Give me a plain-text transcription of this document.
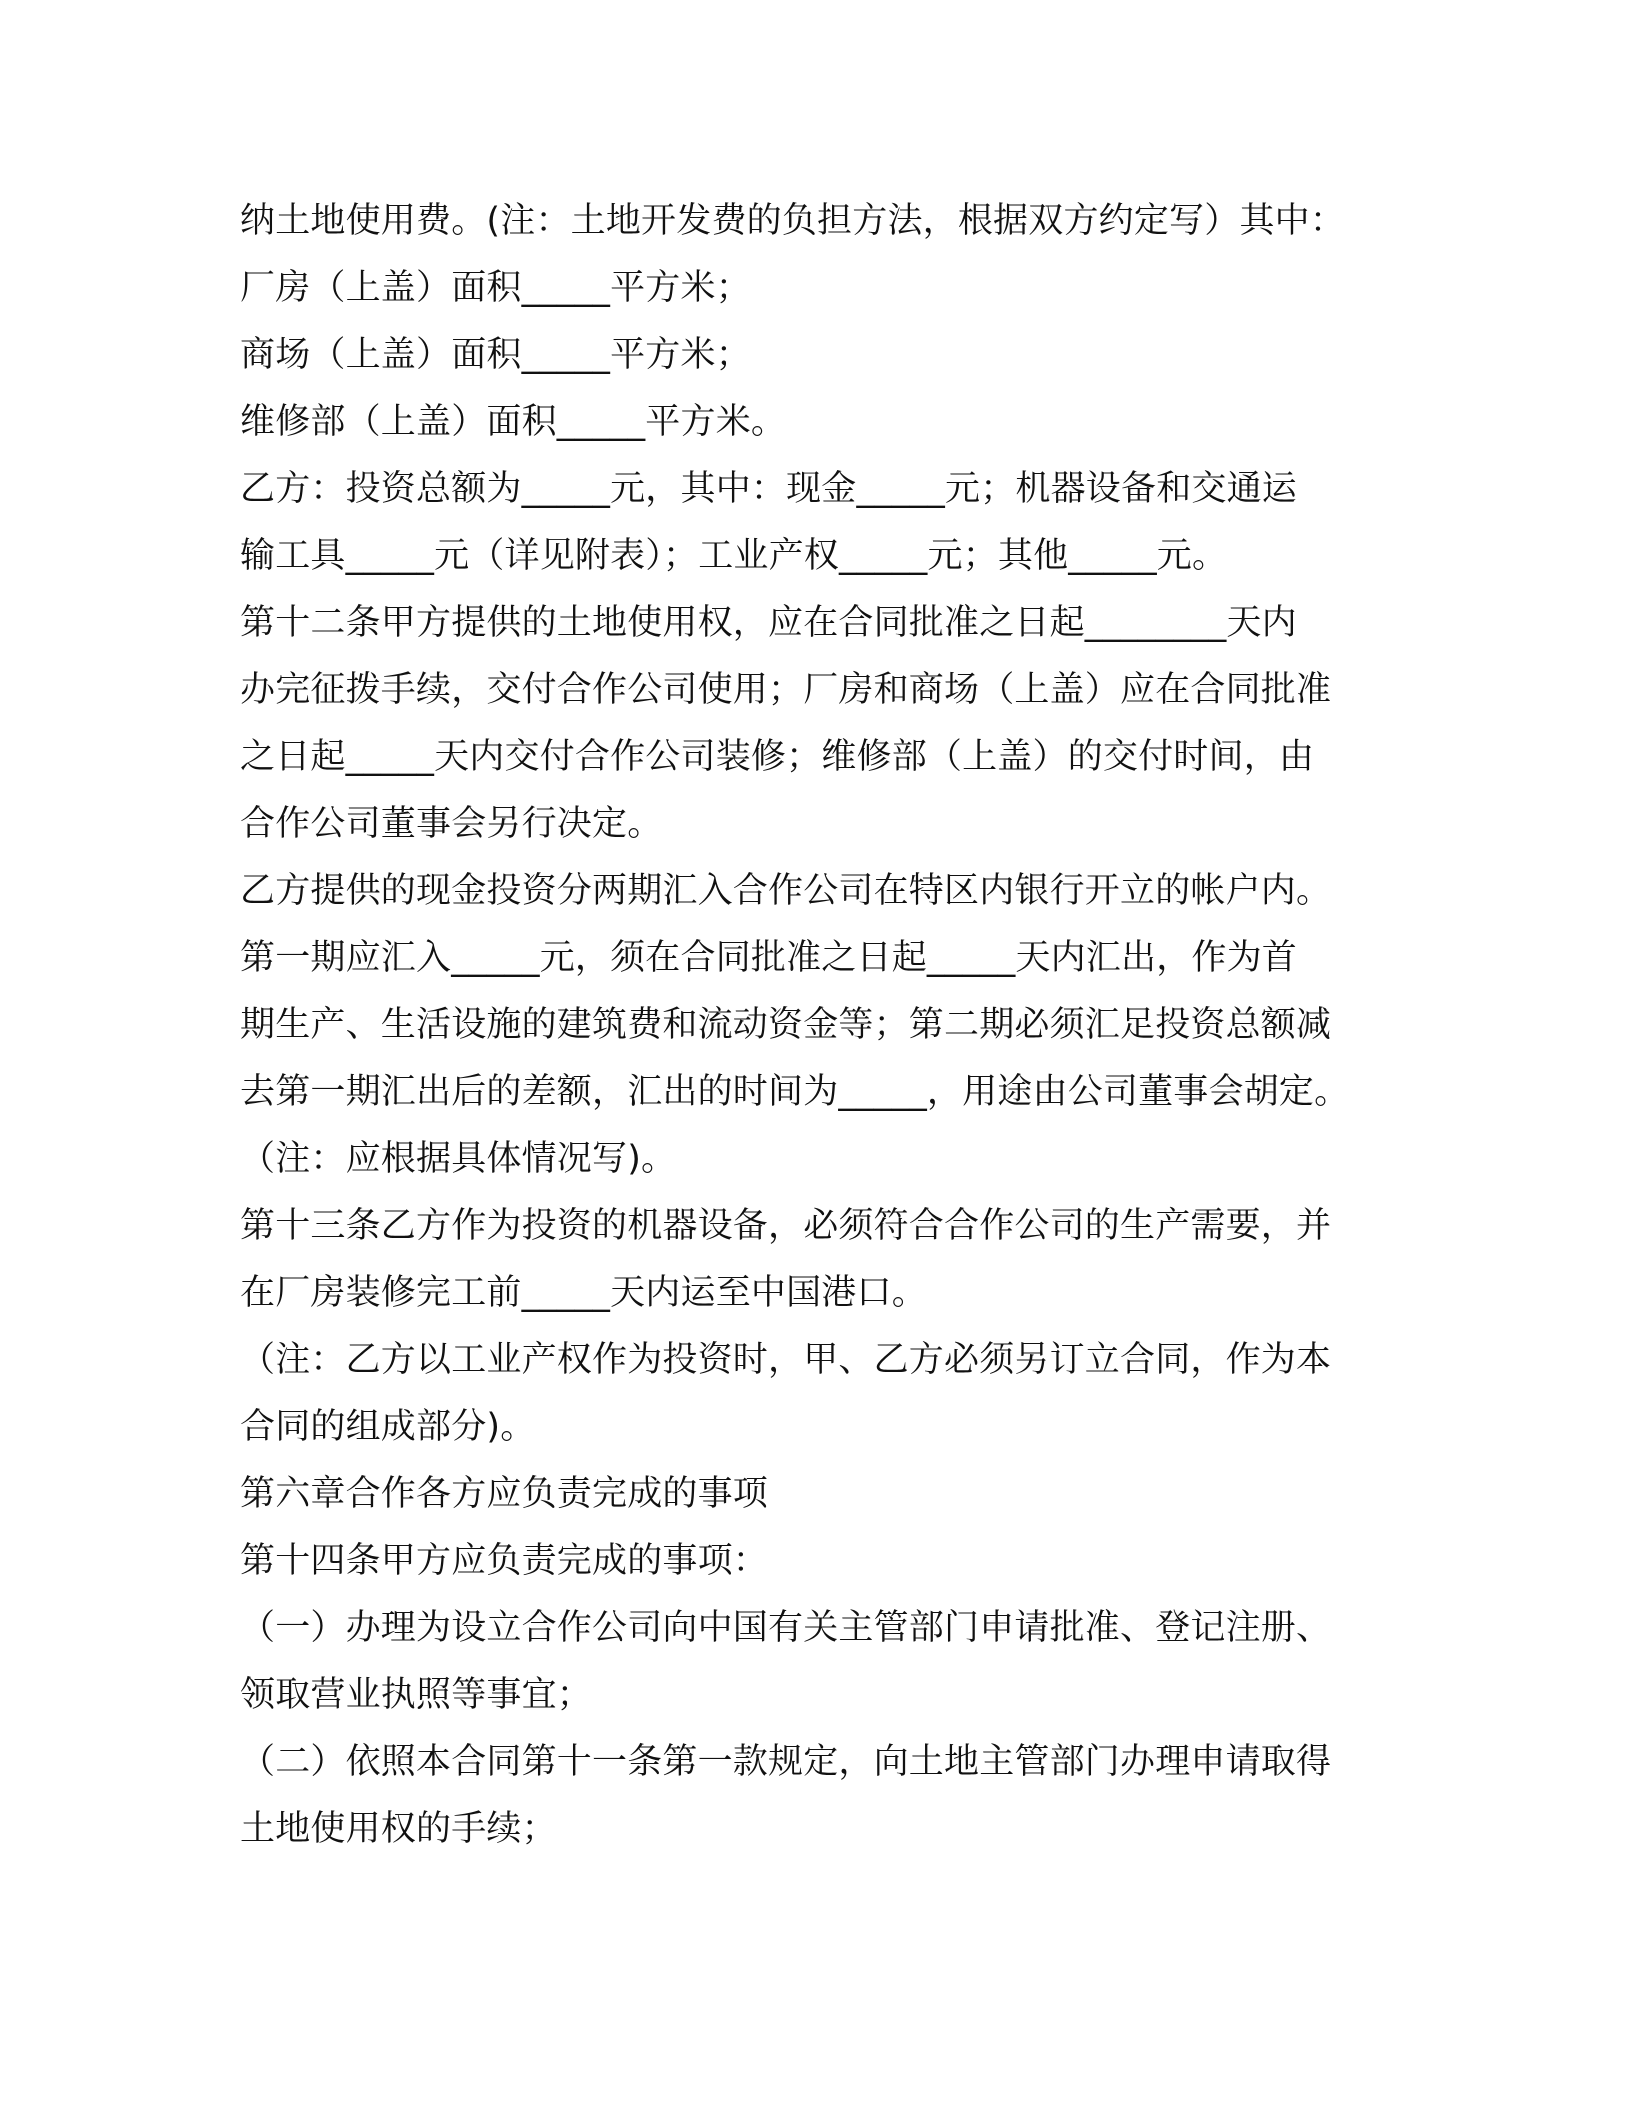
纳土地使用费。(注：土地开发费的负担方法，根据双方约定写）其中：
厂房（上盖）面积_____平方米；
商场（上盖）面积_____平方米；
维修部（上盖）面积_____平方米。
乙方：投资总额为_____元，其中：现金_____元；机器设备和交通运
输工具_____元（详见附表）；工业产权_____元；其他_____元。
第十二条甲方提供的土地使用权，应在合同批准之日起________天内
办完征拨手续，交付合作公司使用；厂房和商场（上盖）应在合同批准
之日起_____天内交付合作公司装修；维修部（上盖）的交付时间，由
合作公司董事会另行决定。
乙方提供的现金投资分两期汇入合作公司在特区内银行开立的帐户内。
第一期应汇入_____元，须在合同批准之日起_____天内汇出，作为首
期生产、生活设施的建筑费和流动资金等；第二期必须汇足投资总额减
去第一期汇出后的差额，汇出的时间为_____，用途由公司董事会胡定。
（注：应根据具体情况写)。
第十三条乙方作为投资的机器设备，必须符合合作公司的生产需要，并
在厂房装修完工前_____天内运至中国港口。
（注：乙方以工业产权作为投资时，甲、乙方必须另订立合同，作为本
合同的组成部分)。
第六章合作各方应负责完成的事项
第十四条甲方应负责完成的事项：
（一）办理为设立合作公司向中国有关主管部门申请批准、登记注册、
领取营业执照等事宜；
（二）依照本合同第十一条第一款规定，向土地主管部门办理申请取得
土地使用权的手续；
